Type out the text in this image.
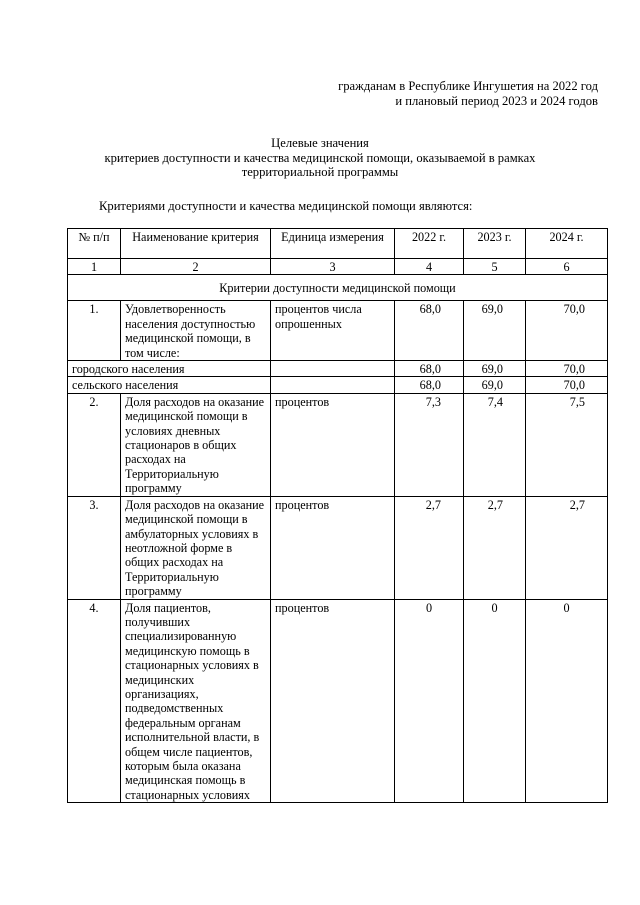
гражданам в Республике Ингушетия на 2022 год
и плановый период 2023 и 2024 годов
Целевые значения
критериев доступности и качества медицинской помощи, оказываемой в рамках
территориальной программы
Критериями доступности и качества медицинской помощи являются:
№ п/п	Наименование критерия	Единица измерения	2022 г.	2023 г.	2024 г.
1	2	3	4	5	6
Критерии доступности медицинской помощи					
1.	Удовлетворенность населения доступностью медицинской помощи, в том числе:	процентов числа опрошенных	68,0	69,0	70,0
городского населения			68,0	69,0	70,0
сельского населения			68,0	69,0	70,0
2.	Доля расходов на оказание медицинской помощи в условиях дневных стационаров в общих расходах на Территориальную программу	процентов	7,3	7,4	7,5
3.	Доля расходов на оказание медицинской помощи в амбулаторных условиях в неотложной форме в общих расходах на Территориальную программу	процентов	2,7	2,7	2,7
4.	Доля пациентов, получивших специализированную медицинскую помощь в стационарных условиях в медицинских организациях, подведомственных федеральным органам исполнительной власти, в общем числе пациентов, которым была оказана медицинская помощь в стационарных условиях	процентов	0	0	0
